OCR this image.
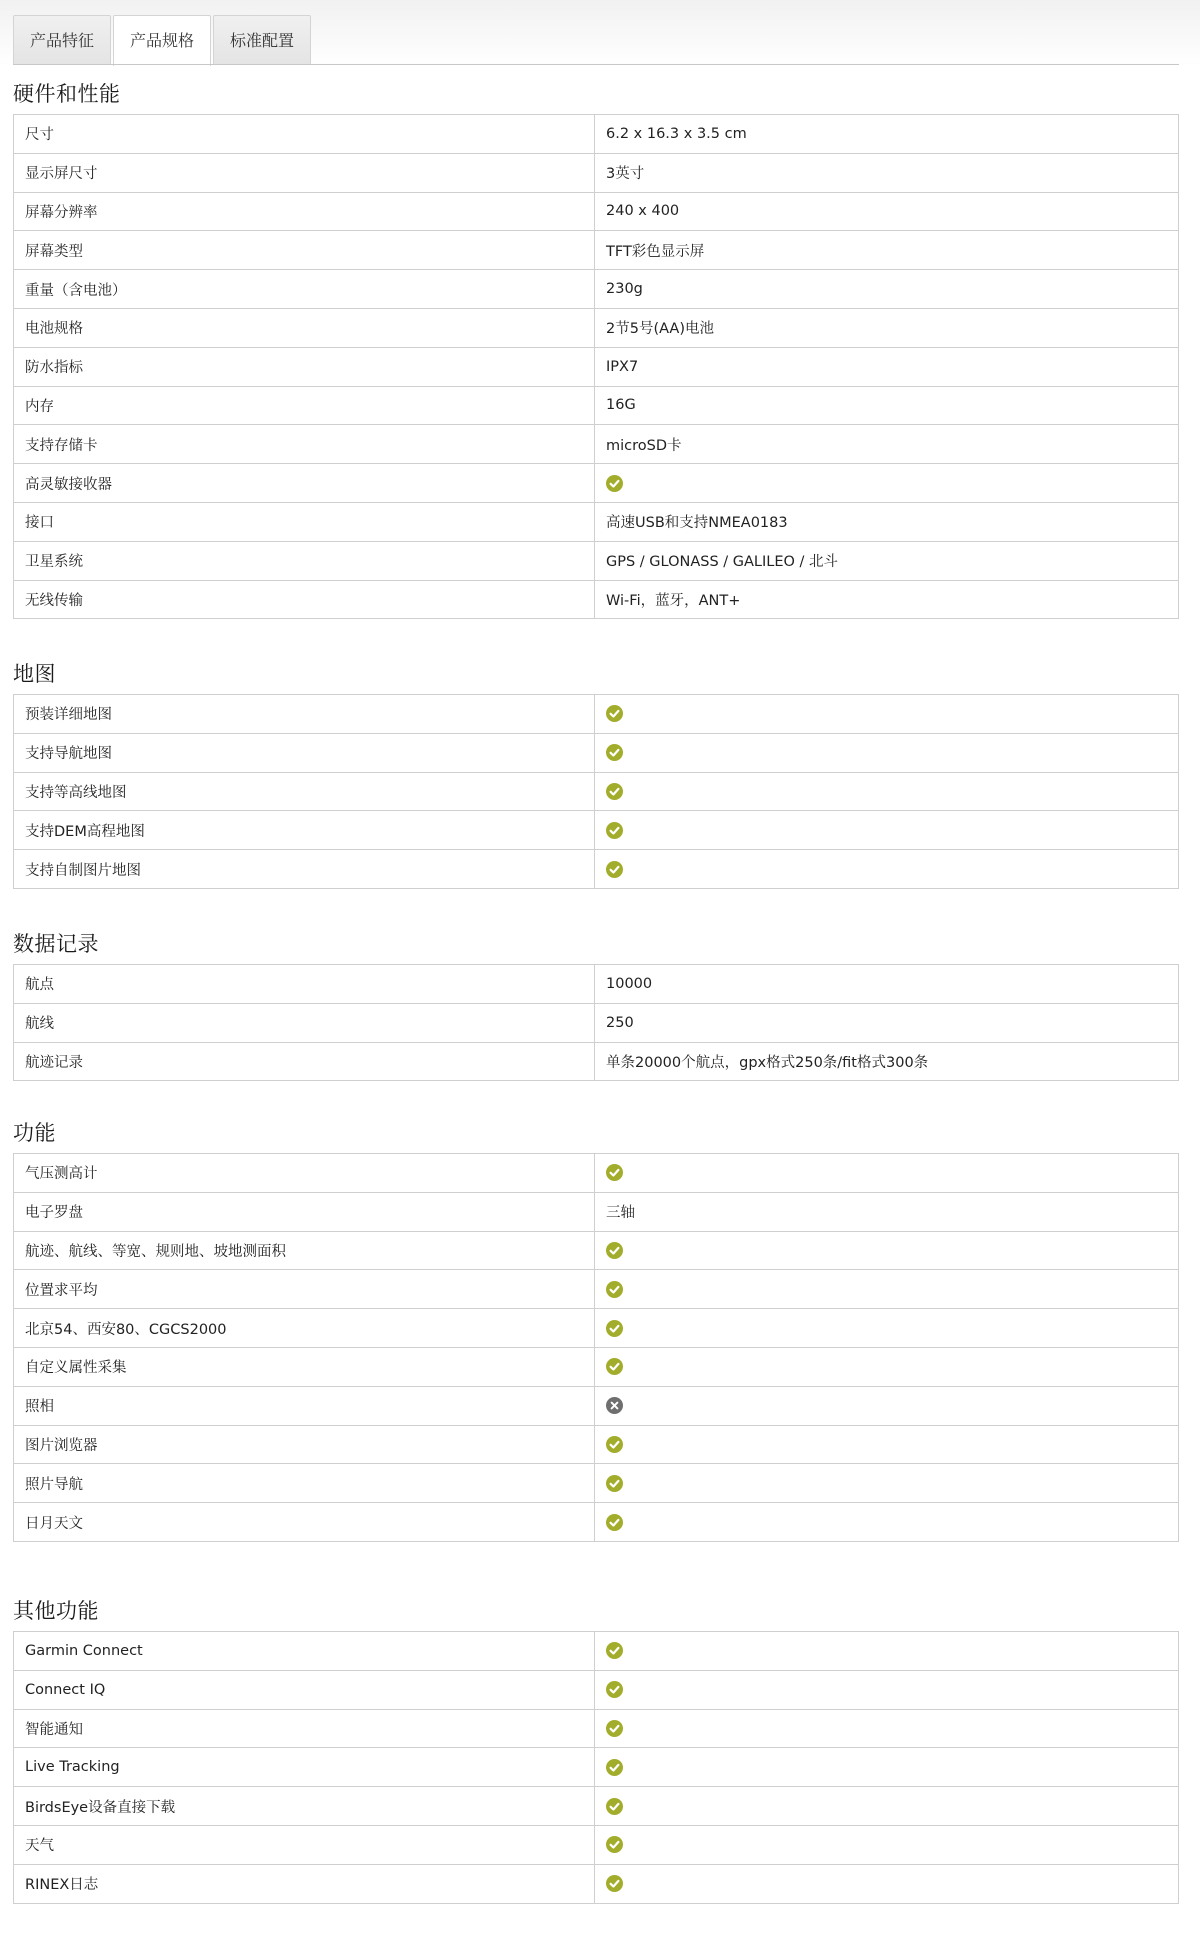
产品特征	产品规格	标准配置
硬件和性能
尺寸	6.2 x 16.3 x 3.5 cm
显示屏尺寸	3英寸
屏幕分辨率	240 x 400
屏幕类型	TFT彩色显示屏
重量（含电池）	230g
电池规格	2节5号(AA)电池
防水指标	IPX7
内存	16G
支持存储卡	microSD卡
高灵敏接收器	
接口	高速USB和支持NMEA0183
卫星系统	GPS / GLONASS / GALILEO / 北斗
无线传输	Wi-Fi，蓝牙，ANT+
地图
预装详细地图	
支持导航地图	
支持等高线地图	
支持DEM高程地图	
支持自制图片地图	
数据记录
航点	10000
航线	250
航迹记录	单条20000个航点，gpx格式250条/fit格式300条
功能
气压测高计	
电子罗盘	三轴
航迹、航线、等宽、规则地、坡地测面积	
位置求平均	
北京54、西安80、CGCS2000	
自定义属性采集	
照相	
图片浏览器	
照片导航	
日月天文	
其他功能
Garmin Connect	
Connect IQ	
智能通知	
Live Tracking	
BirdsEye设备直接下载	
天气	
RINEX日志	
